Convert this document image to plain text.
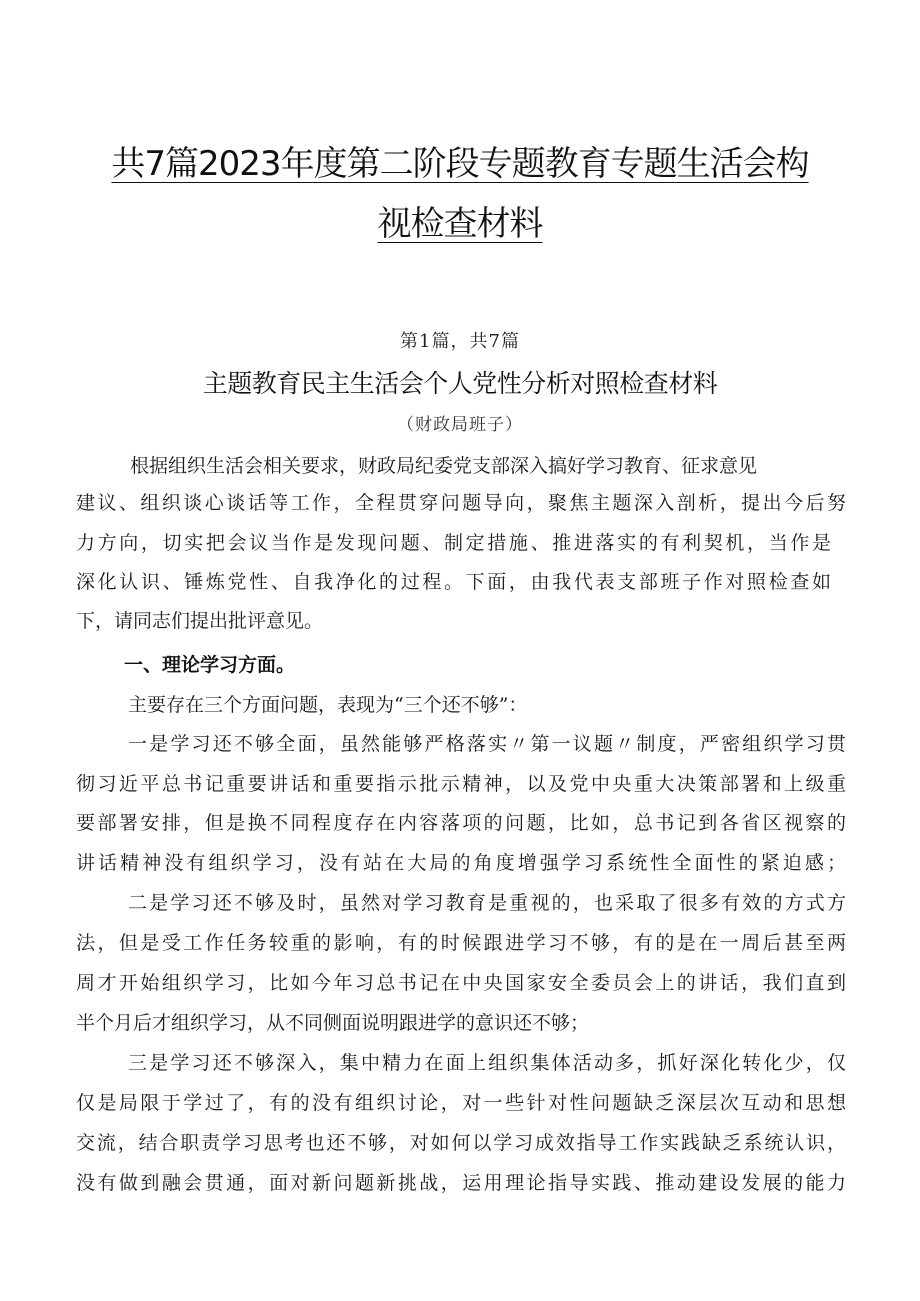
共7篇2023年度第二阶段专题教育专题生活会构
视检查材料
第1篇，共7篇
主题教育民主生活会个人党性分析对照检查材料
（财政局班子）
根据组织生活会相关要求，财政局纪委党支部深入搞好学习教育、征求意见
建议、组织谈心谈话等工作，全程贯穿问题导向，聚焦主题深入剖析，提出今后努
力方向，切实把会议当作是发现问题、制定措施、推进落实的有利契机，当作是
深化认识、锤炼党性、自我净化的过程。下面，由我代表支部班子作对照检查如
下，请同志们提出批评意见。
一、理论学习方面。
主要存在三个方面问题，表现为“三个还不够”：
一是学习还不够全面，虽然能够严格落实〃第一议题〃制度，严密组织学习贯
彻习近平总书记重要讲话和重要指示批示精神，以及党中央重大决策部署和上级重
要部署安排，但是换不同程度存在内容落项的问题，比如，总书记到各省区视察的
讲话精神没有组织学习，没有站在大局的角度增强学习系统性全面性的紧迫感；
二是学习还不够及时，虽然对学习教育是重视的，也采取了很多有效的方式方
法，但是受工作任务较重的影响，有的时候跟进学习不够，有的是在一周后甚至两
周才开始组织学习，比如今年习总书记在中央国家安全委员会上的讲话，我们直到
半个月后才组织学习，从不同侧面说明跟进学的意识还不够；
三是学习还不够深入，集中精力在面上组织集体活动多，抓好深化转化少，仅
仅是局限于学过了，有的没有组织讨论，对一些针对性问题缺乏深层次互动和思想
交流，结合职责学习思考也还不够，对如何以学习成效指导工作实践缺乏系统认识，
没有做到融会贯通，面对新问题新挑战，运用理论指导实践、推动建设发展的能力
